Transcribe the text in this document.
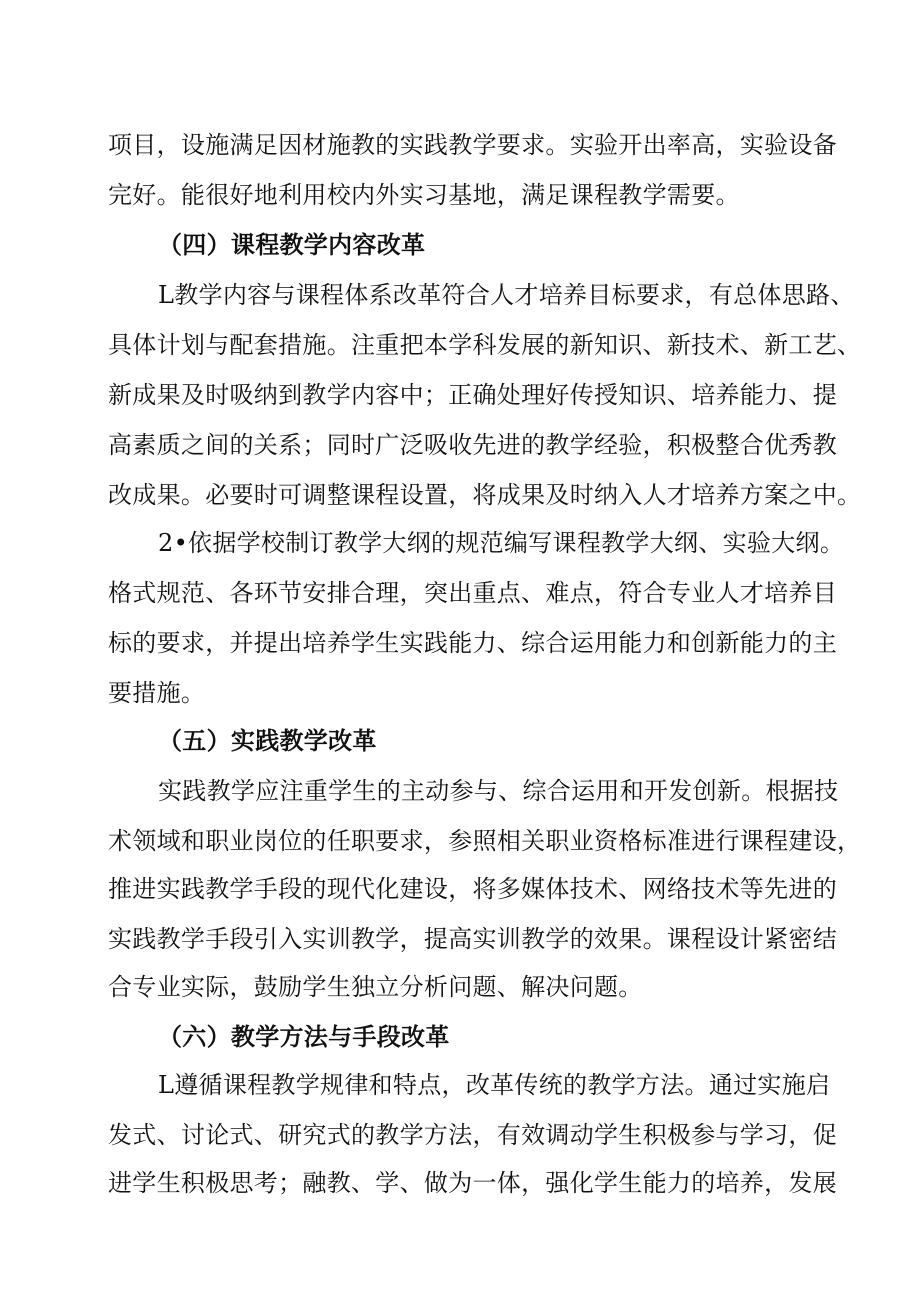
项目，设施满足因材施教的实践教学要求。实验开出率高，实验设备
完好。能很好地利用校内外实习基地，满足课程教学需要。
（四）课程教学内容改革
L教学内容与课程体系改革符合人才培养目标要求，有总体思路、
具体计划与配套措施。注重把本学科发展的新知识、新技术、新工艺、
新成果及时吸纳到教学内容中；正确处理好传授知识、培养能力、提
高素质之间的关系；同时广泛吸收先进的教学经验，积极整合优秀教
改成果。必要时可调整课程设置，将成果及时纳入人才培养方案之中。
2•依据学校制订教学大纲的规范编写课程教学大纲、实验大纲。
格式规范、各环节安排合理，突出重点、难点，符合专业人才培养目
标的要求，并提出培养学生实践能力、综合运用能力和创新能力的主
要措施。
（五）实践教学改革
实践教学应注重学生的主动参与、综合运用和开发创新。根据技
术领域和职业岗位的任职要求，参照相关职业资格标准进行课程建设，
推进实践教学手段的现代化建设，将多媒体技术、网络技术等先进的
实践教学手段引入实训教学，提高实训教学的效果。课程设计紧密结
合专业实际，鼓励学生独立分析问题、解决问题。
（六）教学方法与手段改革
L遵循课程教学规律和特点，改革传统的教学方法。通过实施启
发式、讨论式、研究式的教学方法，有效调动学生积极参与学习，促
进学生积极思考；融教、学、做为一体，强化学生能力的培养，发展
